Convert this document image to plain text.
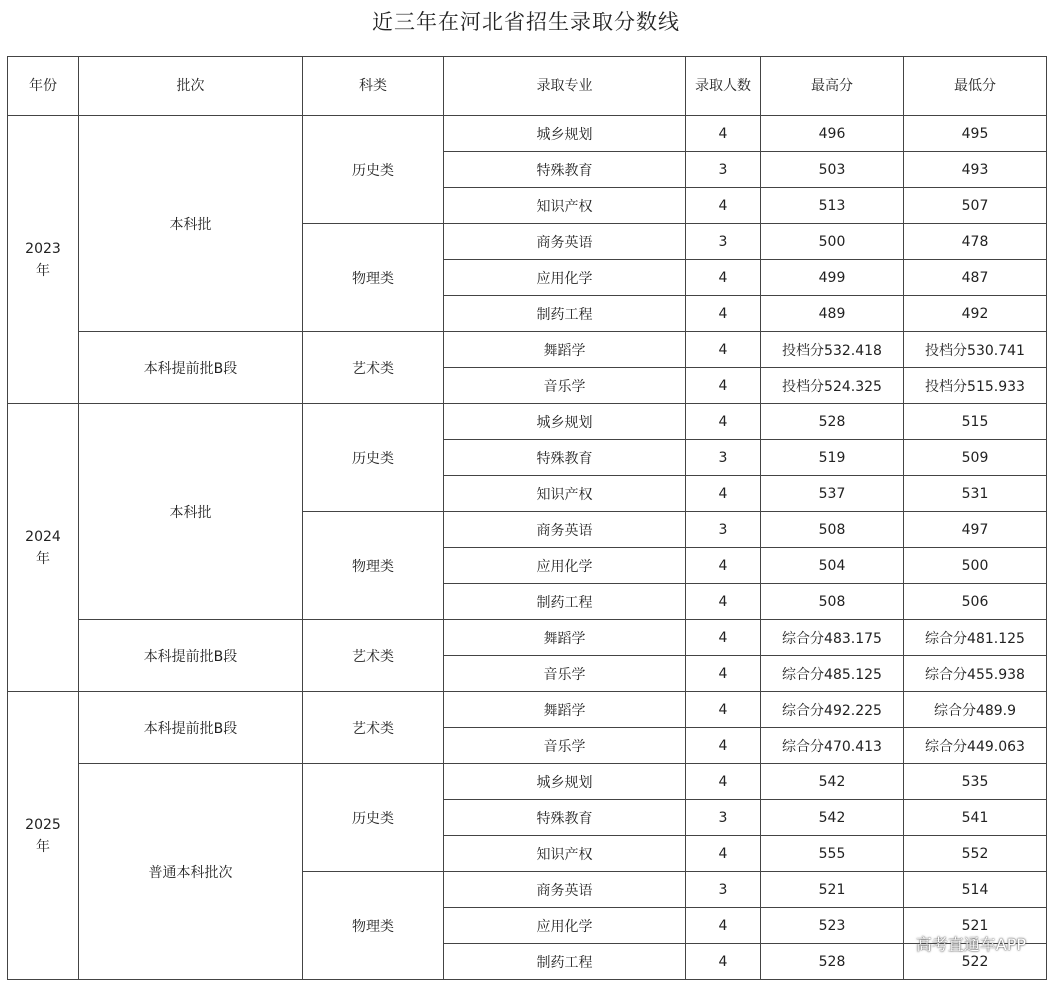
近三年在河北省招生录取分数线
年份	批次	科类	录取专业	录取人数	最高分	最低分
2023年	本科批	历史类	城乡规划	4	496	495
			特殊教育	3	503	493
			知识产权	4	513	507
		物理类	商务英语	3	500	478
			应用化学	4	499	487
			制药工程	4	489	492
	本科提前批B段	艺术类	舞蹈学	4	投档分532.418	投档分530.741
			音乐学	4	投档分524.325	投档分515.933
2024年	本科批	历史类	城乡规划	4	528	515
			特殊教育	3	519	509
			知识产权	4	537	531
		物理类	商务英语	3	508	497
			应用化学	4	504	500
			制药工程	4	508	506
	本科提前批B段	艺术类	舞蹈学	4	综合分483.175	综合分481.125
			音乐学	4	综合分485.125	综合分455.938
2025年	本科提前批B段	艺术类	舞蹈学	4	综合分492.225	综合分489.9
			音乐学	4	综合分470.413	综合分449.063
	普通本科批次	历史类	城乡规划	4	542	535
			特殊教育	3	542	541
			知识产权	4	555	552
		物理类	商务英语	3	521	514
			应用化学	4	523	521
			制药工程	4	528	522
高考直通车APP
